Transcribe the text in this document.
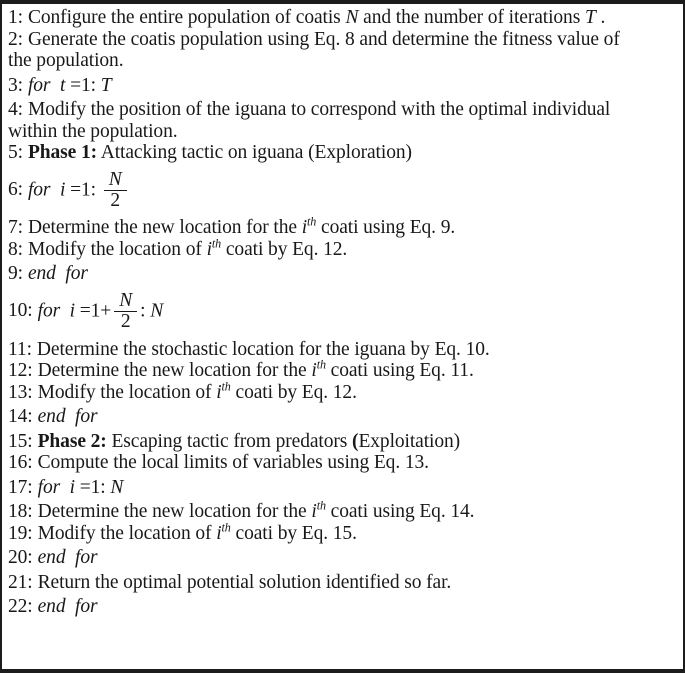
1: Configure the entire population of coatis N and the number of iterations T .
2: Generate the coatis population using Eq. 8 and determine the fitness value of
the population.
3: for t =1: T
4: Modify the position of the iguana to correspond with the optimal individual
within the population.
5: Phase 1: Attacking tactic on iguana (Exploration)
6: for i =1: $\frac{N}{2}$
7: Determine the new location for the $i^{th}$ coati using Eq. 9.
8: Modify the location of $i^{th}$ coati by Eq. 12.
9: end  for
10: for $i =1+ \frac{N}{2}$ : N
11: Determine the stochastic location for the iguana by Eq. 10.
12: Determine the new location for the $i^{th}$ coati using Eq. 11.
13: Modify the location of $i^{th}$ coati by Eq. 12.
14: end  for
15: Phase 2: Escaping tactic from predators (Exploitation)
16: Compute the local limits of variables using Eq. 13.
17: for i =1: N
18: Determine the new location for the $i^{th}$ coati using Eq. 14.
19: Modify the location of $i^{th}$ coati by Eq. 15.
20: end  for
21: Return the optimal potential solution identified so far.
22: end  for
